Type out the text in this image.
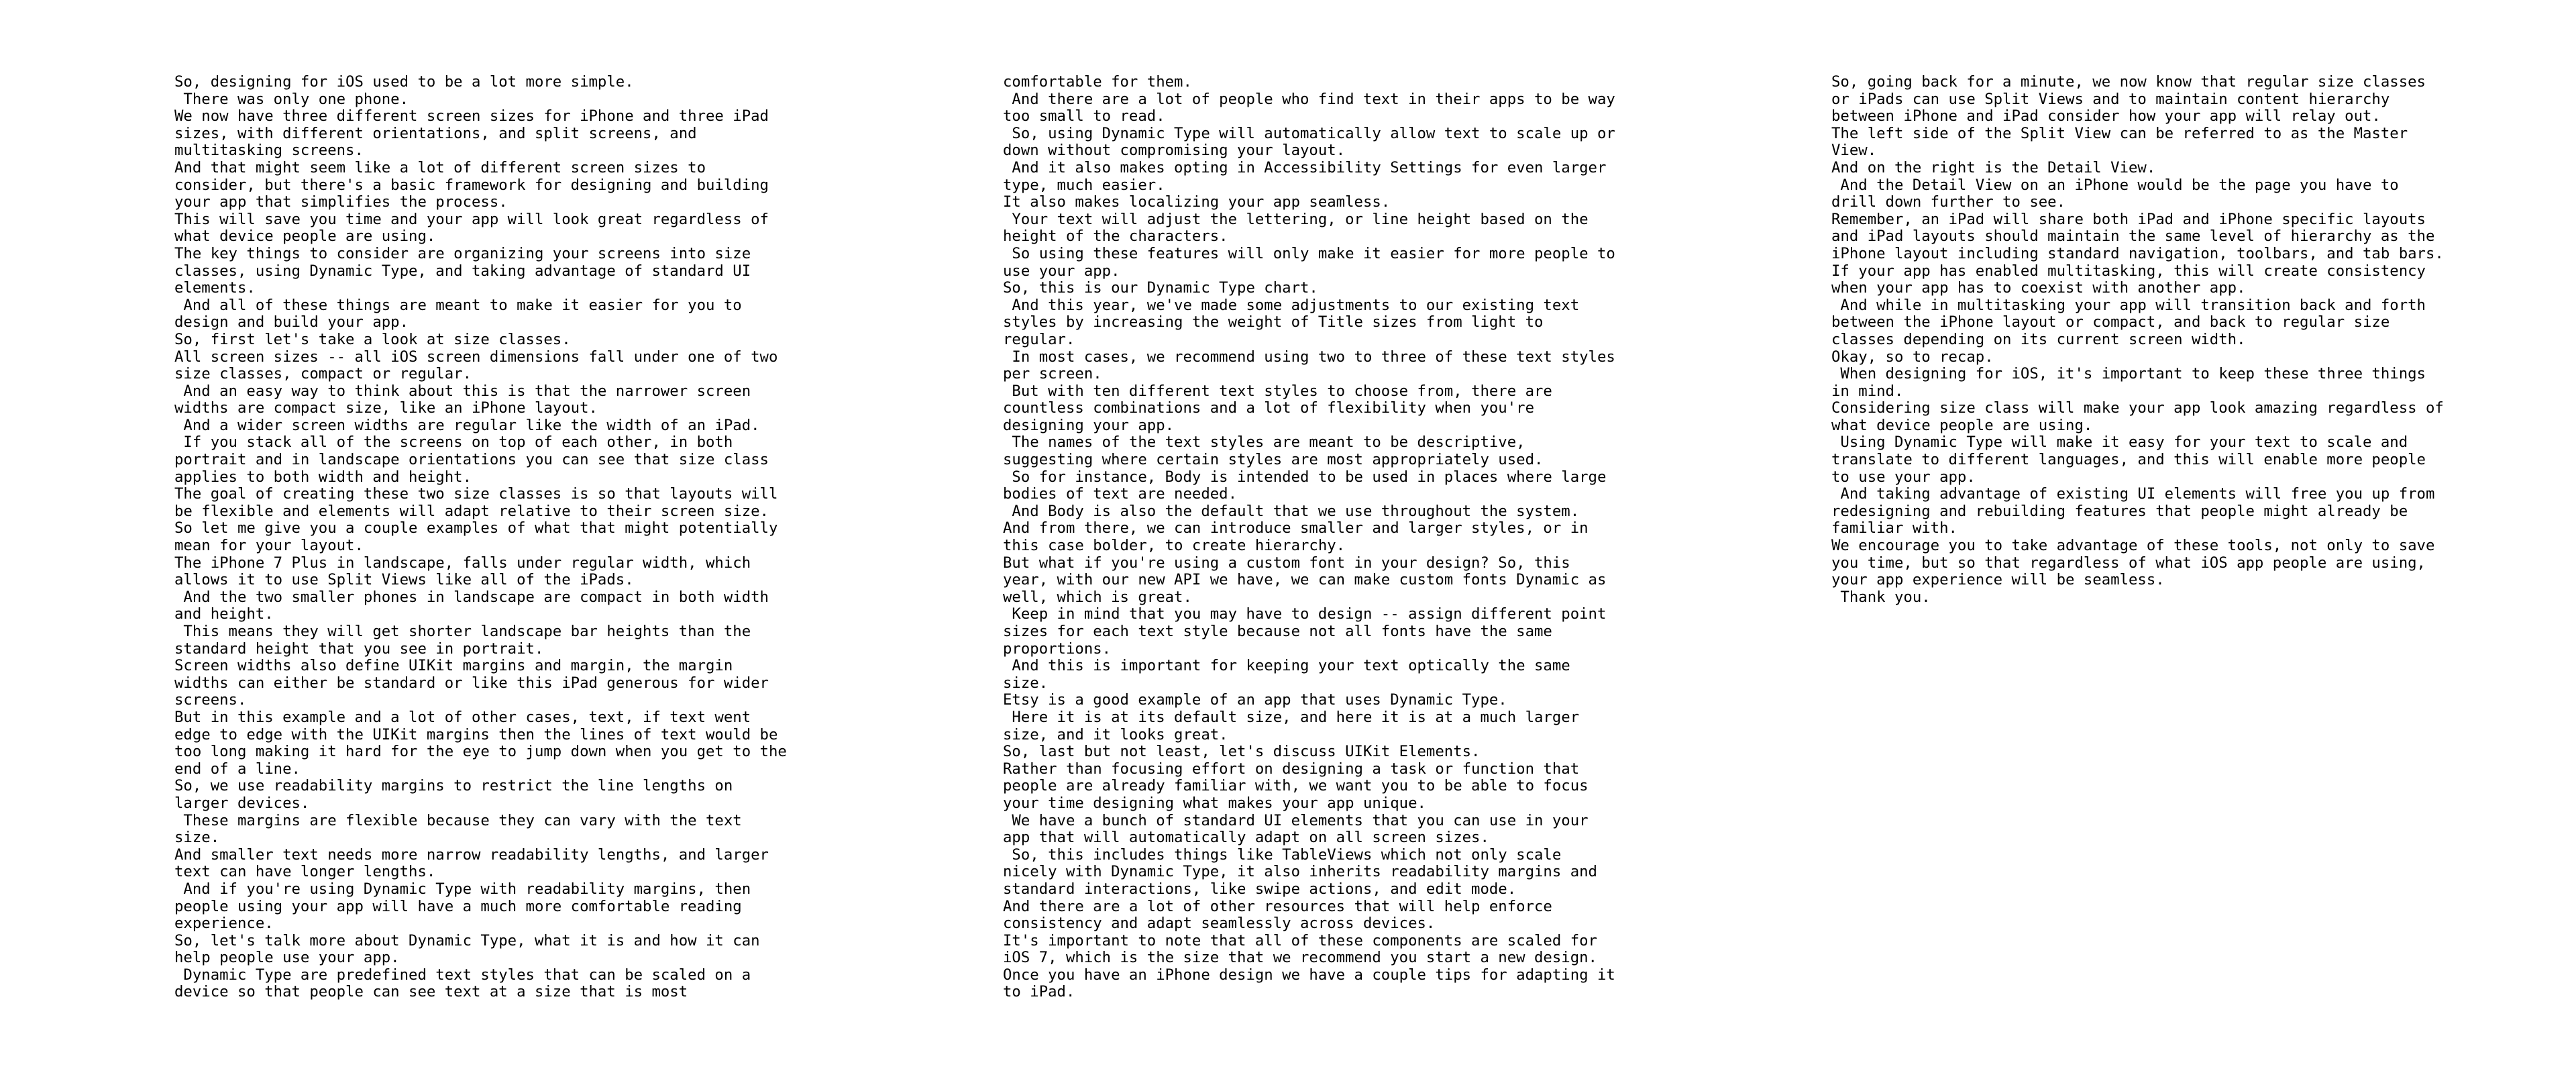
So, designing for iOS used to be a lot more simple.
There was only one phone.
We now have three different screen sizes for iPhone and three iPad
sizes, with different orientations, and split screens, and
multitasking screens.
And that might seem like a lot of different screen sizes to
consider, but there's a basic framework for designing and building
your app that simplifies the process.
This will save you time and your app will look great regardless of
what device people are using.
The key things to consider are organizing your screens into size
classes, using Dynamic Type, and taking advantage of standard UI
elements.
And all of these things are meant to make it easier for you to
design and build your app.
So, first let's take a look at size classes.
All screen sizes -- all iOS screen dimensions fall under one of two
size classes, compact or regular.
And an easy way to think about this is that the narrower screen
widths are compact size, like an iPhone layout.
And a wider screen widths are regular like the width of an iPad.
If you stack all of the screens on top of each other, in both
portrait and in landscape orientations you can see that size class
applies to both width and height.
The goal of creating these two size classes is so that layouts will
be flexible and elements will adapt relative to their screen size.
So let me give you a couple examples of what that might potentially
mean for your layout.
The iPhone 7 Plus in landscape, falls under regular width, which
allows it to use Split Views like all of the iPads.
And the two smaller phones in landscape are compact in both width
and height.
This means they will get shorter landscape bar heights than the
standard height that you see in portrait.
Screen widths also define UIKit margins and margin, the margin
widths can either be standard or like this iPad generous for wider
screens.
But in this example and a lot of other cases, text, if text went
edge to edge with the UIKit margins then the lines of text would be
too long making it hard for the eye to jump down when you get to the
end of a line.
So, we use readability margins to restrict the line lengths on
larger devices.
These margins are flexible because they can vary with the text
size.
And smaller text needs more narrow readability lengths, and larger
text can have longer lengths.
And if you're using Dynamic Type with readability margins, then
people using your app will have a much more comfortable reading
experience.
So, let's talk more about Dynamic Type, what it is and how it can
help people use your app.
Dynamic Type are predefined text styles that can be scaled on a
device so that people can see text at a size that is most
comfortable for them.
And there are a lot of people who find text in their apps to be way
too small to read.
So, using Dynamic Type will automatically allow text to scale up or
down without compromising your layout.
And it also makes opting in Accessibility Settings for even larger
type, much easier.
It also makes localizing your app seamless.
Your text will adjust the lettering, or line height based on the
height of the characters.
So using these features will only make it easier for more people to
use your app.
So, this is our Dynamic Type chart.
And this year, we've made some adjustments to our existing text
styles by increasing the weight of Title sizes from light to
regular.
In most cases, we recommend using two to three of these text styles
per screen.
But with ten different text styles to choose from, there are
countless combinations and a lot of flexibility when you're
designing your app.
The names of the text styles are meant to be descriptive,
suggesting where certain styles are most appropriately used.
So for instance, Body is intended to be used in places where large
bodies of text are needed.
And Body is also the default that we use throughout the system.
And from there, we can introduce smaller and larger styles, or in
this case bolder, to create hierarchy.
But what if you're using a custom font in your design? So, this
year, with our new API we have, we can make custom fonts Dynamic as
well, which is great.
Keep in mind that you may have to design -- assign different point
sizes for each text style because not all fonts have the same
proportions.
And this is important for keeping your text optically the same
size.
Etsy is a good example of an app that uses Dynamic Type.
Here it is at its default size, and here it is at a much larger
size, and it looks great.
So, last but not least, let's discuss UIKit Elements.
Rather than focusing effort on designing a task or function that
people are already familiar with, we want you to be able to focus
your time designing what makes your app unique.
We have a bunch of standard UI elements that you can use in your
app that will automatically adapt on all screen sizes.
So, this includes things like TableViews which not only scale
nicely with Dynamic Type, it also inherits readability margins and
standard interactions, like swipe actions, and edit mode.
And there are a lot of other resources that will help enforce
consistency and adapt seamlessly across devices.
It's important to note that all of these components are scaled for
iOS 7, which is the size that we recommend you start a new design.
Once you have an iPhone design we have a couple tips for adapting it
to iPad.
So, going back for a minute, we now know that regular size classes
or iPads can use Split Views and to maintain content hierarchy
between iPhone and iPad consider how your app will relay out.
The left side of the Split View can be referred to as the Master
View.
And on the right is the Detail View.
And the Detail View on an iPhone would be the page you have to
drill down further to see.
Remember, an iPad will share both iPad and iPhone specific layouts
and iPad layouts should maintain the same level of hierarchy as the
iPhone layout including standard navigation, toolbars, and tab bars.
If your app has enabled multitasking, this will create consistency
when your app has to coexist with another app.
And while in multitasking your app will transition back and forth
between the iPhone layout or compact, and back to regular size
classes depending on its current screen width.
Okay, so to recap.
When designing for iOS, it's important to keep these three things
in mind.
Considering size class will make your app look amazing regardless of
what device people are using.
Using Dynamic Type will make it easy for your text to scale and
translate to different languages, and this will enable more people
to use your app.
And taking advantage of existing UI elements will free you up from
redesigning and rebuilding features that people might already be
familiar with.
We encourage you to take advantage of these tools, not only to save
you time, but so that regardless of what iOS app people are using,
your app experience will be seamless.
Thank you.
